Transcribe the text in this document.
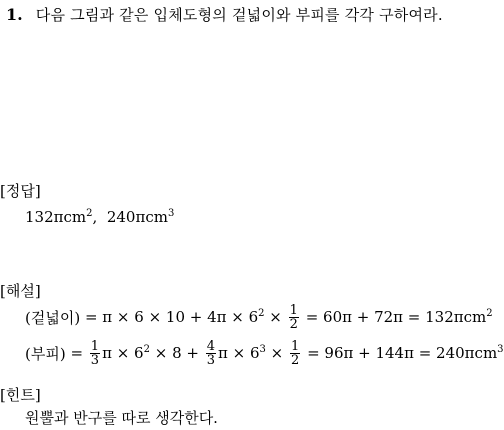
1. 다음 그림과 같은 입체도형의 겉넓이와 부피를 각각 구하여라.
[정답]
132πcm$^2$,  240πcm$^3$
[해설]
(겉넓이) = $\pi \times 6 \times 10 + 4\pi \times 6^2 \times \frac{1}{2} = 60\pi + 72\pi = 132\pi cm^2$
(부피) = $\frac{1}{3}$ $\pi \times 6^2 \times 8 + \frac{4}{3}$ $\pi \times 6^3 \times \frac{1}{2} = 96\pi + 144\pi = 240\pi cm^3$
[힌트]
원뿔과 반구를 따로 생각한다.
